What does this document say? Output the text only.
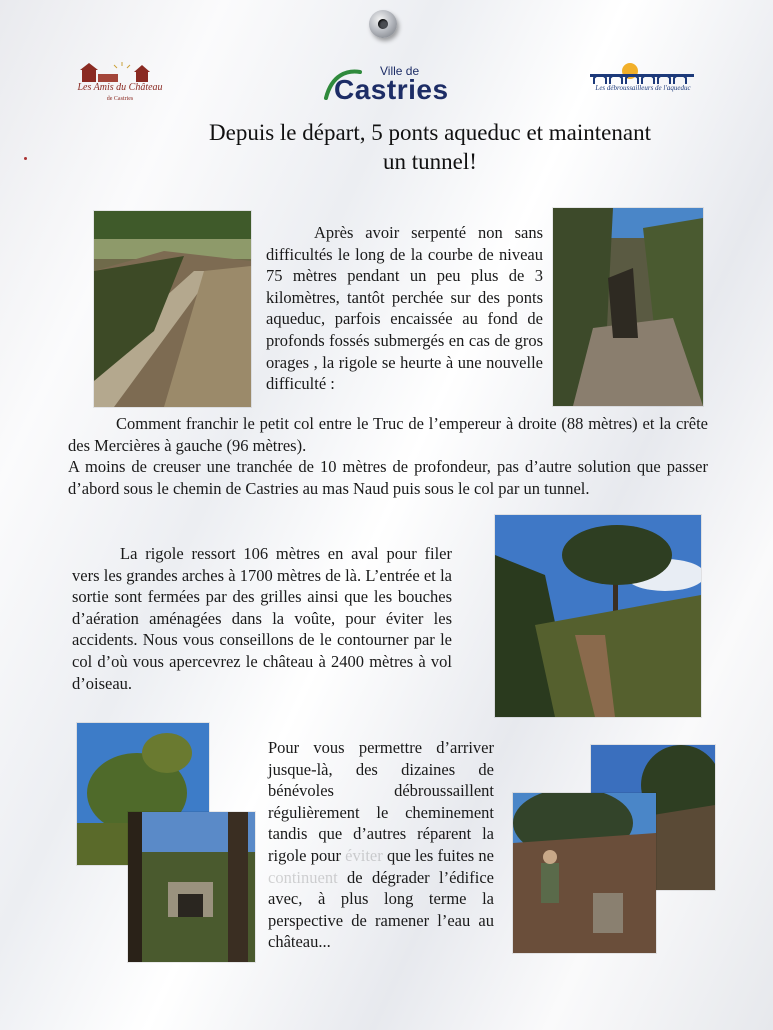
Les Amis du Château
de Castries
Ville de
Castries	Les débroussailleurs de l'aqueduc
Depuis le départ, 5 ponts aqueduc et maintenant
un tunnel!

Après avoir serpenté non sans difficultés le long de la courbe de niveau 75 mètres pendant un peu plus de 3 kilomètres, tantôt perchée sur des ponts aqueduc, parfois encaissée au fond de profonds fossés submergés en cas de gros orages , la rigole se heurte à une nouvelle difficulté :

Comment franchir le petit col entre le Truc de l’empereur à droite (88 mètres) et la crête des Mercières à gauche (96 mètres).

A moins de creuser une tranchée de 10 mètres de profondeur, pas d’autre solution que passer d’abord sous le chemin de Castries au mas Naud puis sous le col par un tunnel.

La rigole ressort 106 mètres en aval pour filer vers les grandes arches à 1700 mètres de là. L’entrée et la sortie sont fermées par des grilles ainsi que les bouches d’aération aménagées dans la voûte, pour éviter les accidents. Nous vous conseillons de le contourner par le col d’où vous apercevrez le château à 2400 mètres à vol d’oiseau.

Pour vous permettre d’arriver jusque-là, des dizaines de bénévoles débroussaillent régulièrement le cheminement tandis que d’autres réparent la rigole pour éviter que les fuites ne continuent de dégrader l’édifice avec, à plus long terme la perspective de ramener l’eau au château...
